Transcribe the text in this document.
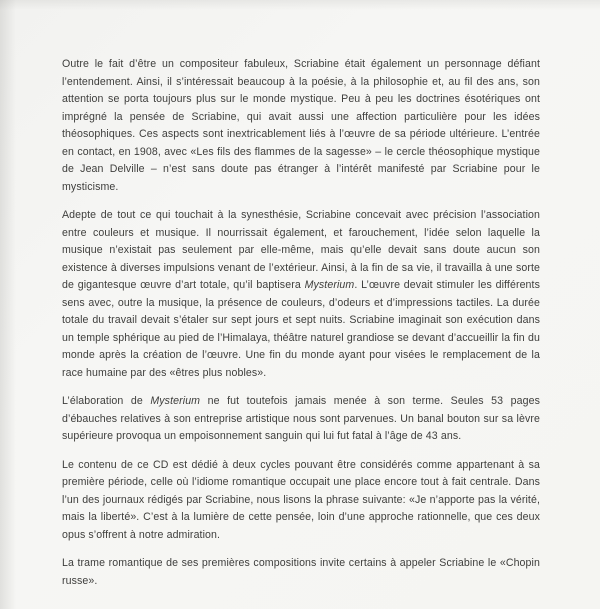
Outre le fait d’être un compositeur fabuleux, Scriabine était également un personnage défiant l’entendement. Ainsi, il s’intéressait beaucoup à la poésie, à la philosophie et, au fil des ans, son attention se porta toujours plus sur le monde mystique. Peu à peu les doctrines ésotériques ont imprégné la pensée de Scriabine, qui avait aussi une affection particulière pour les idées théosophiques. Ces aspects sont inextricablement liés à l’œuvre de sa période ultérieure. L’entrée en contact, en 1908, avec «Les fils des flammes de la sagesse» – le cercle théosophique mystique de Jean Delville – n’est sans doute pas étranger à l’intérêt manifesté par Scriabine pour le mysticisme.

Adepte de tout ce qui touchait à la synesthésie, Scriabine concevait avec précision l’association entre couleurs et musique. Il nourrissait également, et farouchement, l’idée selon laquelle la musique n’existait pas seulement par elle-même, mais qu’elle devait sans doute aucun son existence à diverses impulsions venant de l’extérieur. Ainsi, à la fin de sa vie, il travailla à une sorte de gigantesque œuvre d’art totale, qu’il baptisera Mysterium. L’œuvre devait stimuler les différents sens avec, outre la musique, la présence de couleurs, d’odeurs et d’impressions tactiles. La durée totale du travail devait s’étaler sur sept jours et sept nuits. Scriabine imaginait son exécution dans un temple sphérique au pied de l’Himalaya, théâtre naturel grandiose se devant d’accueillir la fin du monde après la création de l’œuvre. Une fin du monde ayant pour visées le remplacement de la race humaine par des «êtres plus nobles».

L’élaboration de Mysterium ne fut toutefois jamais menée à son terme. Seules 53 pages d’ébauches relatives à son entreprise artistique nous sont parvenues. Un banal bouton sur sa lèvre supérieure provoqua un empoisonnement sanguin qui lui fut fatal à l’âge de 43 ans.

Le contenu de ce CD est dédié à deux cycles pouvant être considérés comme appartenant à sa première période, celle où l’idiome romantique occupait une place encore tout à fait centrale. Dans l’un des journaux rédigés par Scriabine, nous lisons la phrase suivante: «Je n’apporte pas la vérité, mais la liberté». C’est à la lumière de cette pensée, loin d’une approche rationnelle, que ces deux opus s’offrent à notre admiration.

La trame romantique de ses premières compositions invite certains à appeler Scriabine le «Chopin russe».
